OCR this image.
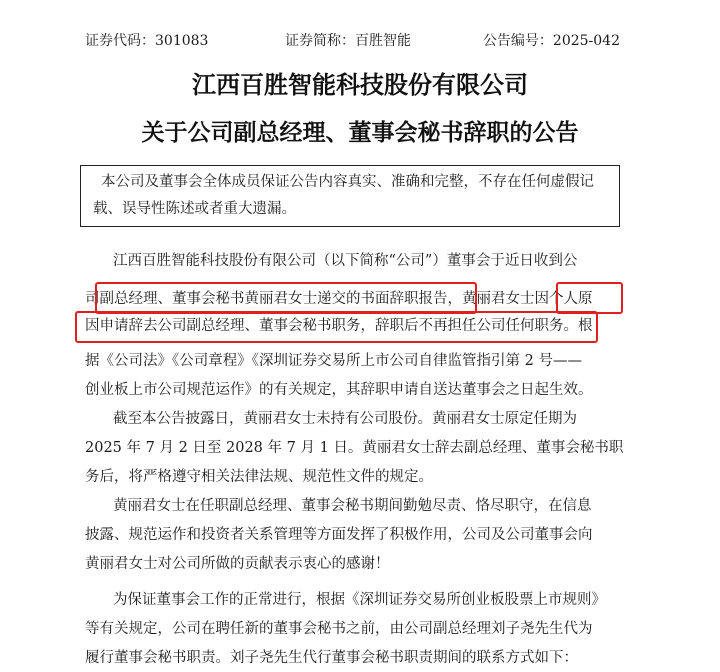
证券代码：301083	证券简称：百胜智能	公告编号：2025-042
江西百胜智能科技股份有限公司
关于公司副总经理、董事会秘书辞职的公告
本公司及董事会全体成员保证公告内容真实、准确和完整，不存在任何虚假记
载、误导性陈述或者重大遗漏。
江西百胜智能科技股份有限公司（以下简称“公司”）董事会于近日收到公
司副总经理、董事会秘书黄丽君女士递交的书面辞职报告，黄丽君女士因个人原
因申请辞去公司副总经理、董事会秘书职务，辞职后不再担任公司任何职务。根
据《公司法》《公司章程》《深圳证券交易所上市公司自律监管指引第 2 号——
创业板上市公司规范运作》的有关规定，其辞职申请自送达董事会之日起生效。
截至本公告披露日，黄丽君女士未持有公司股份。黄丽君女士原定任期为
2025 年 7 月 2 日至 2028 年 7 月 1 日。黄丽君女士辞去副总经理、董事会秘书职
务后，将严格遵守相关法律法规、规范性文件的规定。
黄丽君女士在任职副总经理、董事会秘书期间勤勉尽责、恪尽职守，在信息
披露、规范运作和投资者关系管理等方面发挥了积极作用，公司及公司董事会向
黄丽君女士对公司所做的贡献表示衷心的感谢！
为保证董事会工作的正常进行，根据《深圳证券交易所创业板股票上市规则》
等有关规定，公司在聘任新的董事会秘书之前，由公司副总经理刘子尧先生代为
履行董事会秘书职责。刘子尧先生代行董事会秘书职责期间的联系方式如下：
